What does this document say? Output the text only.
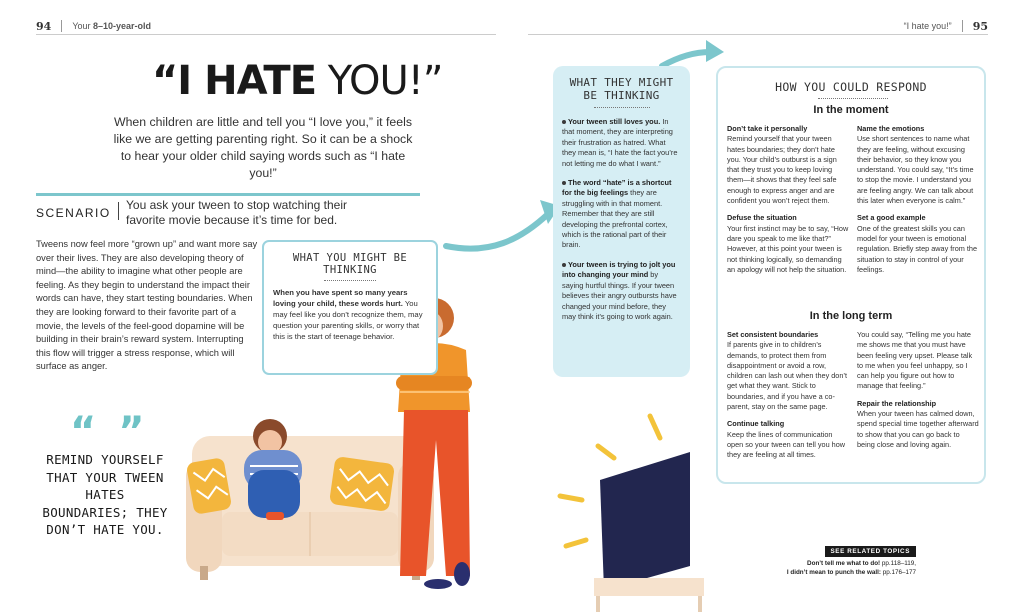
94 Your 8–10-year-old	“I hate you!” 95
“I HATE YOU!”
When children are little and tell you “I love you,” it feels like we are getting parenting right. So it can be a shock to hear your older child saying words such as “I hate you!”
SCENARIO
You ask your tween to stop watching their favorite movie because it’s time for bed.
Tweens now feel more “grown up” and want more say over their lives. They are also developing theory of mind—the ability to imagine what other people are feeling. As they begin to understand the impact their words can have, they start testing boundaries. When they are looking forward to their favorite part of a movie, the levels of the feel-good dopamine will be building in their brain’s reward system. Interrupting this flow will trigger a stress response, which will surface as anger.
“ ”
REMIND YOURSELF THAT YOUR TWEEN HATES BOUNDARIES; THEY DON’T HATE YOU.
WHAT YOU MIGHT BE THINKING

When you have spent so many years loving your child, these words hurt. You may feel like you don’t recognize them, may question your parenting skills, or worry that this is the start of teenage behavior.

WHAT THEY MIGHT BE THINKING
Your tween still loves you. In that moment, they are interpreting their frustration as hatred. What they mean is, “I hate the fact you’re not letting me do what I want.”
The word “hate” is a shortcut for the big feelings they are struggling with in that moment. Remember that they are still developing the prefrontal cortex, which is the rational part of their brain.
Your tween is trying to jolt you into changing your mind by saying hurtful things. If your tween believes their angry outbursts have changed your mind before, they may think it’s going to work again.
HOW YOU COULD RESPOND
In the moment
Don’t take it personally
Remind yourself that your tween hates boundaries; they don’t hate you. Your child’s outburst is a sign that they trust you to keep loving them—it shows that they feel safe enough to express anger and are confident you won’t reject them.
Defuse the situation
Your first instinct may be to say, “How dare you speak to me like that?” However, at this point your tween is not thinking logically, so demanding an apology will not help the situation.
Name the emotions
Use short sentences to name what they are feeling, without excusing their behavior, so they know you understand. You could say, “It’s time to stop the movie. I understand you are feeling angry. We can talk about this later when everyone is calm.”
Set a good example
One of the greatest skills you can model for your tween is emotional regulation. Briefly step away from the situation to stay in control of your feelings.
In the long term
Set consistent boundaries
If parents give in to children’s demands, to protect them from disappointment or avoid a row, children can lash out when they don’t get what they want. Stick to boundaries, and if you have a co-parent, stay on the same page.
Continue talking
Keep the lines of communication open so your tween can tell you how they are feeling at all times.
You could say, “Telling me you hate me shows me that you must have been feeling very upset. Please talk to me when you feel unhappy, so I can help you figure out how to manage that feeling.”
Repair the relationship
When your tween has calmed down, spend special time together afterward to show that you can go back to being close and loving again.
SEE RELATED TOPICS
Don’t tell me what to do! pp.118–119,
I didn’t mean to punch the wall: pp.176–177
